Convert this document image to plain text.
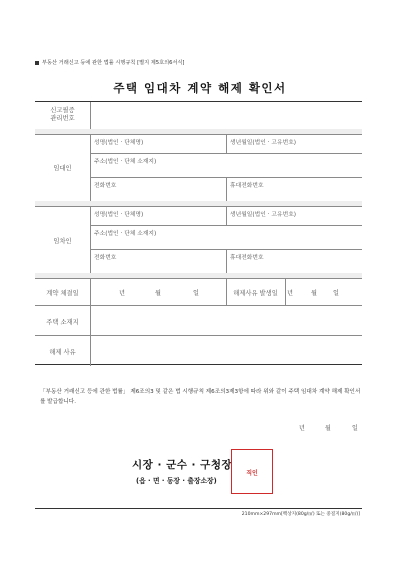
부동산 거래신고 등에 관한 법률 시행규칙 [별지 제5호의6서식]
주택 임대차 계약 해제 확인서
신고필증
관리번호
임대인
성명(법인 · 단체명)	생년월일(법인 · 고유번호)
주소(법인 · 단체 소재지)
전화번호	휴대전화번호
임차인
성명(법인 · 단체명)	생년월일(법인 · 고유번호)
주소(법인 · 단체 소재지)
전화번호	휴대전화번호
계약 체결일	년	월	일	해제사유 발생일	년	월	일
주택 소재지
해제 사유
「부동산 거래신고 등에 관한 법률」 제6조의3 및 같은 법 시행규칙 제6조의3제3항에 따라 위와 같이 주택 임대차 계약 해제 확인서를 발급합니다.
년	월	일
시장 · 군수 · 구청장
(읍 · 면 · 동장 · 출장소장)
직인
210mm×297mm[백상지(80g/㎡) 또는 중질지(80g/㎡)]
